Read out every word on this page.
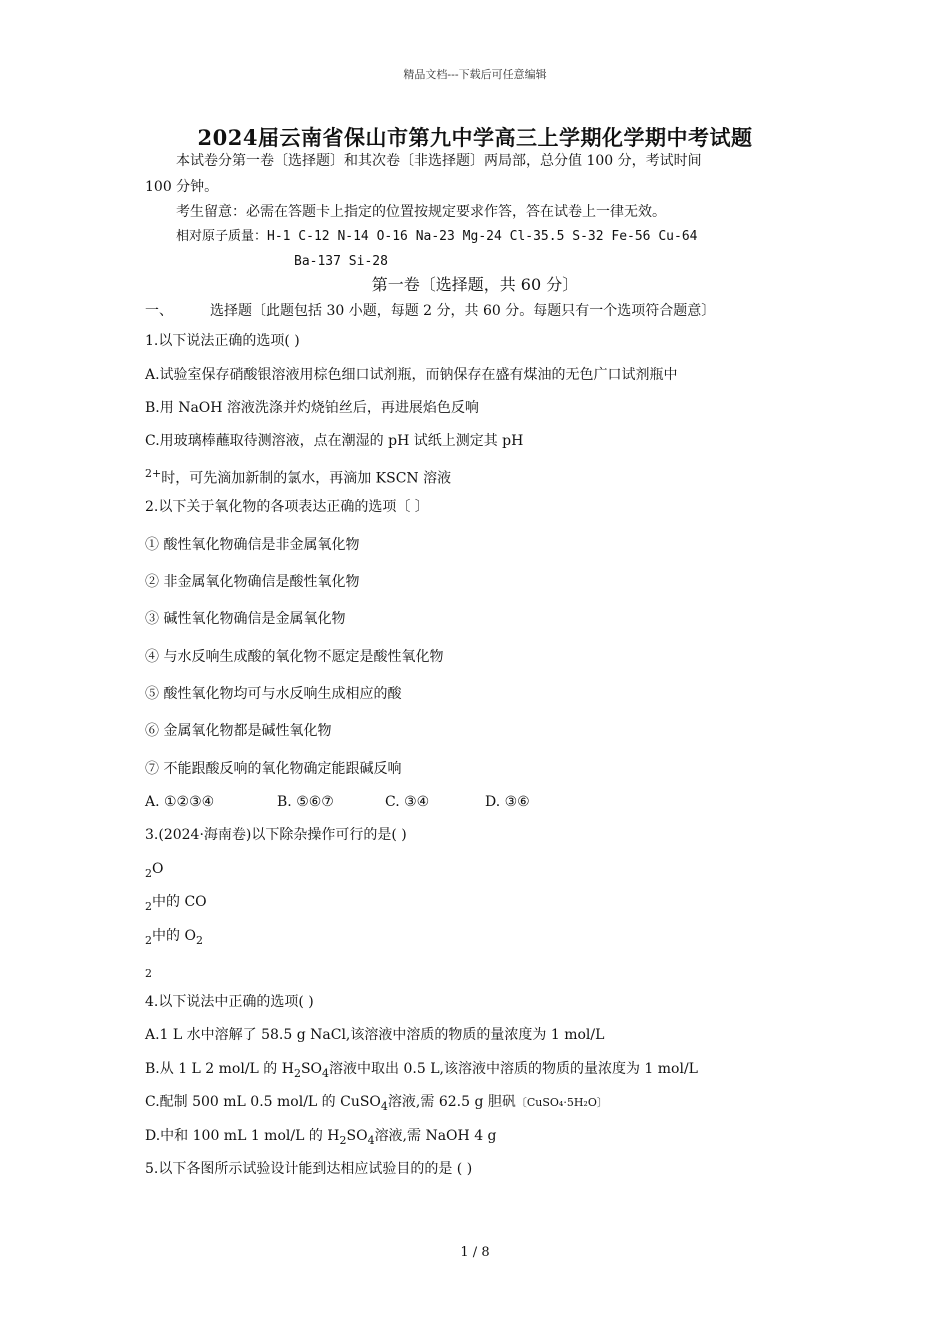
精品文档---下载后可任意编辑
2024届云南省保山市第九中学高三上学期化学期中考试题
本试卷分第一卷〔选择题〕和其次卷〔非选择题〕两局部，总分值 100 分，考试时间
100 分钟。
考生留意：必需在答题卡上指定的位置按规定要求作答，答在试卷上一律无效。
相对原子质量：H-1 C-12 N-14 O-16 Na-23 Mg-24 Cl-35.5 S-32 Fe-56 Cu-64
Ba-137 Si-28
第一卷〔选择题，共 60 分〕
一、	选择题〔此题包括 30 小题，每题 2 分，共 60 分。每题只有一个选项符合题意〕
1.以下说法正确的选项( )
A.试验室保存硝酸银溶液用棕色细口试剂瓶，而钠保存在盛有煤油的无色广口试剂瓶中
B.用 NaOH 溶液洗涤并灼烧铂丝后，再进展焰色反响
C.用玻璃棒蘸取待测溶液，点在潮湿的 pH 试纸上测定其 pH
$^{2+}$时，可先滴加新制的氯水，再滴加 KSCN 溶液
2.以下关于氧化物的各项表达正确的选项〔 〕
① 酸性氧化物确信是非金属氧化物
② 非金属氧化物确信是酸性氧化物
③ 碱性氧化物确信是金属氧化物
④ 与水反响生成酸的氧化物不愿定是酸性氧化物
⑤ 酸性氧化物均可与水反响生成相应的酸
⑥ 金属氧化物都是碱性氧化物
⑦ 不能跟酸反响的氧化物确定能跟碱反响
A. ①②③④	B. ⑤⑥⑦	C. ③④	D. ③⑥
3.(2024·海南卷)以下除杂操作可行的是( )
$_2$O
$_2$中的 CO
$_2$中的 $O_2$
$_2$
4.以下说法中正确的选项( )
A.1 L 水中溶解了 58.5 g NaCl,该溶液中溶质的物质的量浓度为 1 mol/L
B.从 1 L 2 mol/L 的 $H_2SO_4$溶液中取出 0.5 L,该溶液中溶质的物质的量浓度为 1 mol/L
C.配制 500 mL 0.5 mol/L 的 CuSO$_4$溶液,需 62.5 g 胆矾〔CuSO₄·5H₂O〕
D.中和 100 mL 1 mol/L 的 $H_2SO_4$溶液,需 NaOH 4 g
5.以下各图所示试验设计能到达相应试验目的的是 ( )
1 / 8
